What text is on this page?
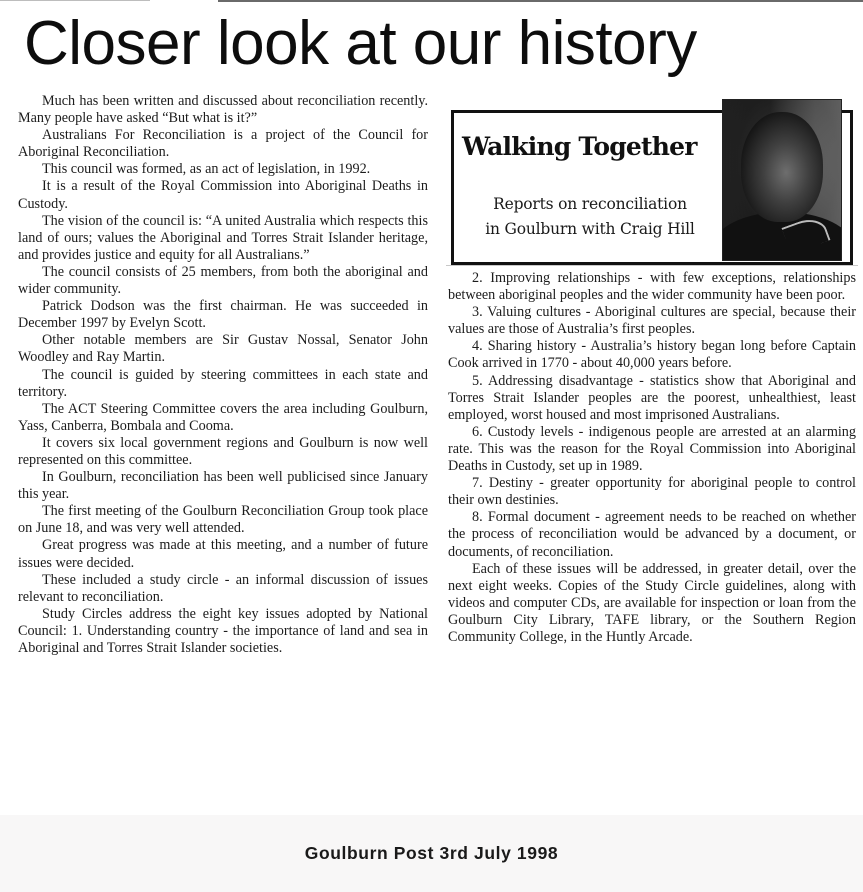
Closer look at our history

Much has been written and discussed about reconciliation recently. Many people have asked “But what is it?”

Australians For Reconciliation is a project of the Council for Aboriginal Reconciliation.

This council was formed, as an act of legislation, in 1992.

It is a result of the Royal Commission into Aboriginal Deaths in Custody.

The vision of the council is: “A united Australia which respects this land of ours; values the Aboriginal and Torres Strait Islander heritage, and provides justice and equity for all Australians.”

The council consists of 25 members, from both the aboriginal and wider community.

Patrick Dodson was the first chairman. He was succeeded in December 1997 by Evelyn Scott.

Other notable members are Sir Gustav Nossal, Senator John Woodley and Ray Martin.

The council is guided by steering committees in each state and territory.

The ACT Steering Committee covers the area including Goulburn, Yass, Canberra, Bombala and Cooma.

It covers six local government regions and Goulburn is now well represented on this committee.

In Goulburn, reconciliation has been well publicised since January this year.

The first meeting of the Goulburn Reconciliation Group took place on June 18, and was very well attended.

Great progress was made at this meeting, and a number of future issues were decided.

These included a study circle - an informal discussion of issues relevant to reconciliation.

Study Circles address the eight key issues adopted by National Council: 1. Understanding country - the importance of land and sea in Aboriginal and Torres Strait Islander societies.

Walking Together
Reports on reconciliation
in Goulburn with Craig Hill

2. Improving relationships - with few exceptions, relationships between aboriginal peoples and the wider community have been poor.

3. Valuing cultures - Aboriginal cultures are special, because their values are those of Australia’s first peoples.

4. Sharing history - Australia’s history began long before Captain Cook arrived in 1770 - about 40,000 years before.

5. Addressing disadvantage - statistics show that Aboriginal and Torres Strait Islander peoples are the poorest, unhealthiest, least employed, worst housed and most imprisoned Australians.

6. Custody levels - indigenous people are arrested at an alarming rate. This was the reason for the Royal Commission into Aboriginal Deaths in Custody, set up in 1989.

7. Destiny - greater opportunity for aboriginal people to control their own destinies.

8. Formal document - agreement needs to be reached on whether the process of reconciliation would be advanced by a document, or documents, of reconciliation.

Each of these issues will be addressed, in greater detail, over the next eight weeks. Copies of the Study Circle guidelines, along with videos and computer CDs, are available for inspection or loan from the Goulburn City Library, TAFE library, or the Southern Region Community College, in the Huntly Arcade.

Goulburn Post 3rd July 1998
